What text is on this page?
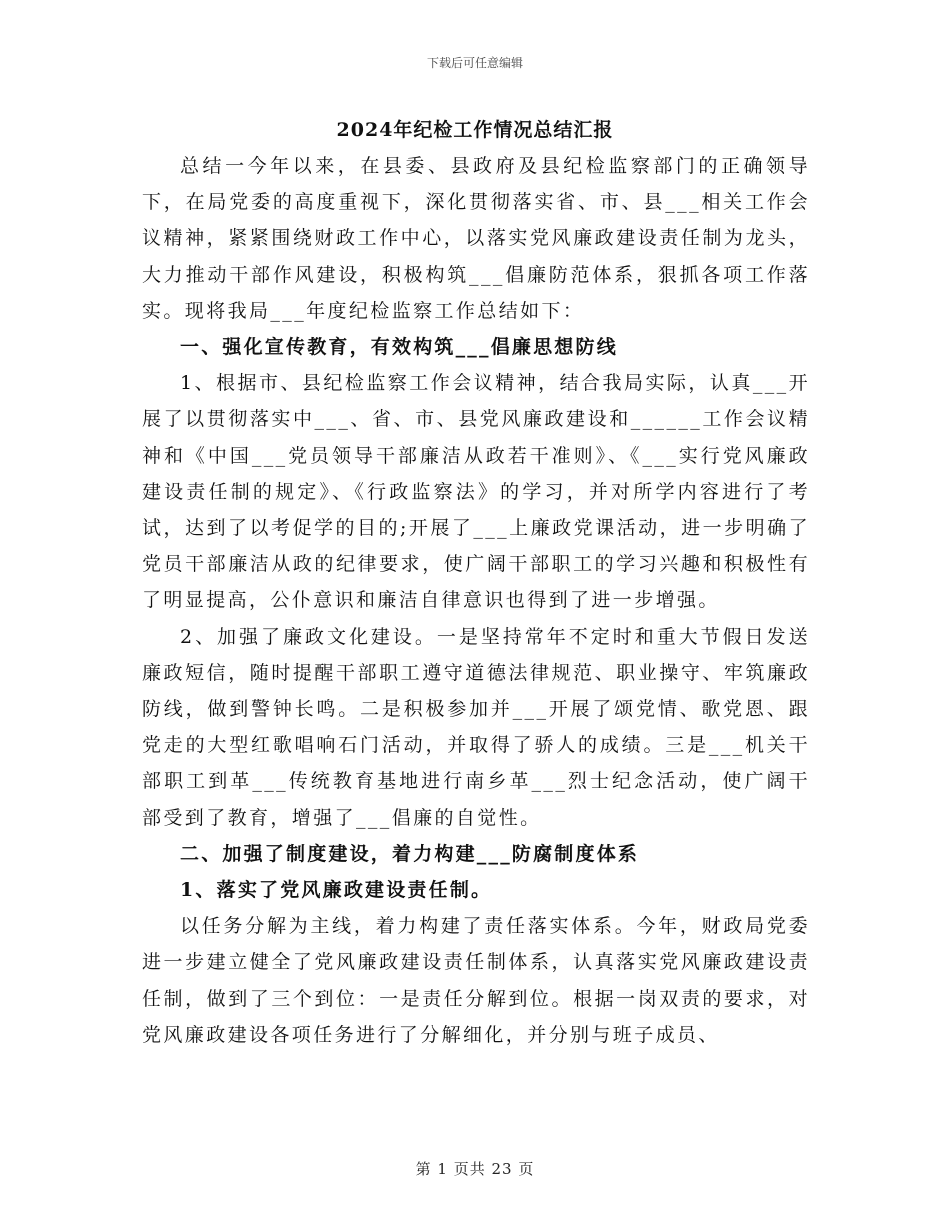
下载后可任意编辑
2024年纪检工作情况总结汇报

总结一今年以来，在县委、县政府及县纪检监察部门的正确领导下，在局党委的高度重视下，深化贯彻落实省、市、县___相关工作会议精神，紧紧围绕财政工作中心，以落实党风廉政建设责任制为龙头，大力推动干部作风建设，积极构筑___倡廉防范体系，狠抓各项工作落实。现将我局___年度纪检监察工作总结如下：

一、强化宣传教育，有效构筑___倡廉思想防线

1、根据市、县纪检监察工作会议精神，结合我局实际，认真___开展了以贯彻落实中___、省、市、县党风廉政建设和______工作会议精神和《中国___党员领导干部廉洁从政若干准则》、《___实行党风廉政建设责任制的规定》、《行政监察法》的学习，并对所学内容进行了考试，达到了以考促学的目的;开展了___上廉政党课活动，进一步明确了党员干部廉洁从政的纪律要求，使广阔干部职工的学习兴趣和积极性有了明显提高，公仆意识和廉洁自律意识也得到了进一步增强。

2、加强了廉政文化建设。一是坚持常年不定时和重大节假日发送廉政短信，随时提醒干部职工遵守道德法律规范、职业操守、牢筑廉政防线，做到警钟长鸣。二是积极参加并___开展了颂党情、歌党恩、跟党走的大型红歌唱响石门活动，并取得了骄人的成绩。三是___机关干部职工到革___传统教育基地进行南乡革___烈士纪念活动，使广阔干部受到了教育，增强了___倡廉的自觉性。

二、加强了制度建设，着力构建___防腐制度体系

1、落实了党风廉政建设责任制。

以任务分解为主线，着力构建了责任落实体系。今年，财政局党委进一步建立健全了党风廉政建设责任制体系，认真落实党风廉政建设责任制，做到了三个到位：一是责任分解到位。根据一岗双责的要求，对党风廉政建设各项任务进行了分解细化，并分别与班子成员、

第 1 页共 23 页
